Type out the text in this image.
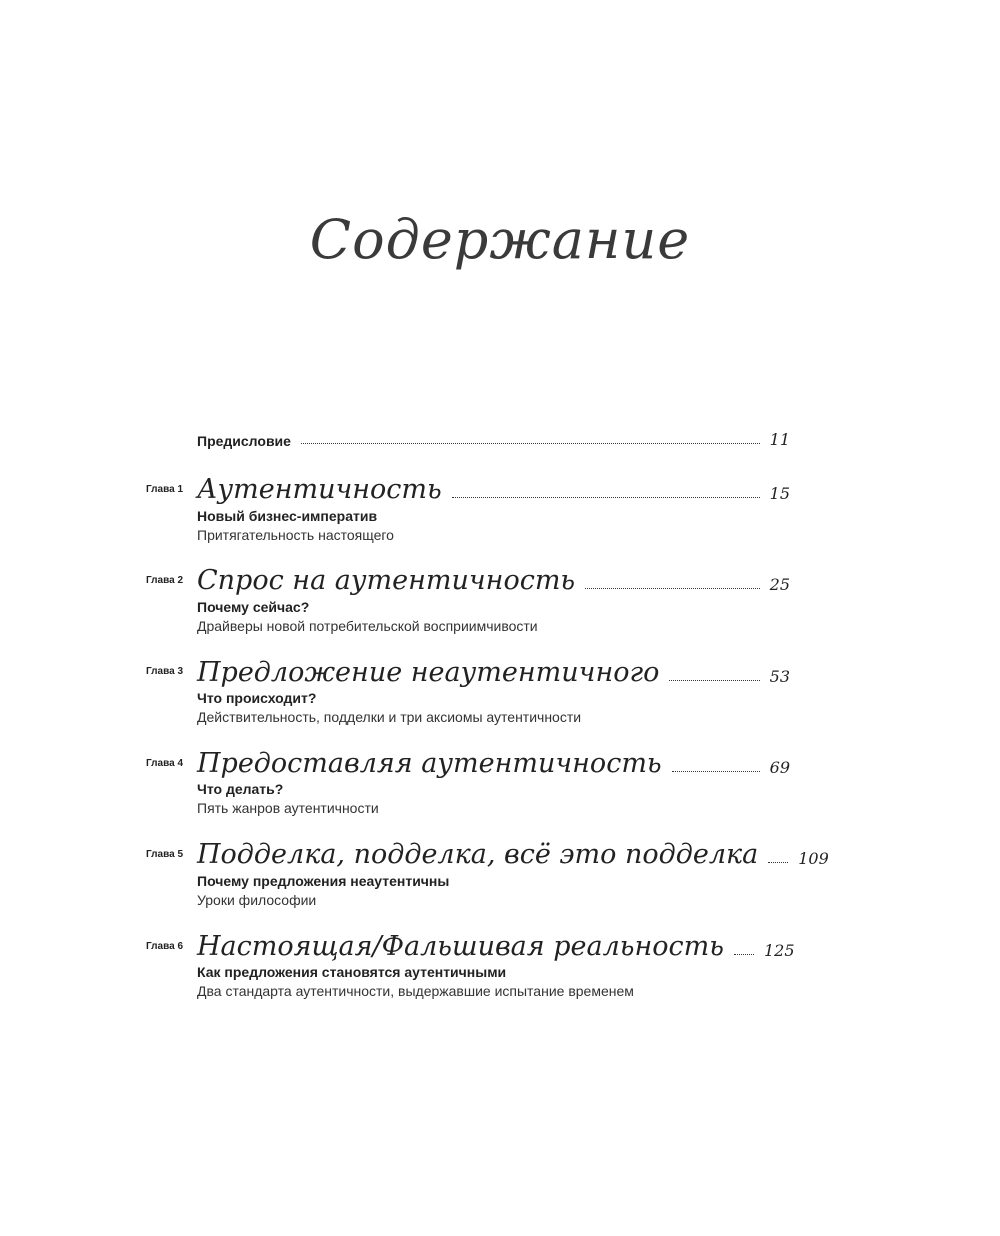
Содержание
Предисловие	11
Глава 1 Аутентичность	15
Новый бизнес-императив
Притягательность настоящего
Глава 2 Спрос на аутентичность	25
Почему сейчас?
Драйверы новой потребительской восприимчивости
Глава 3 Предложение неаутентичного	53
Что происходит?
Действительность, подделки и три аксиомы аутентичности
Глава 4 Предоставляя аутентичность	69
Что делать?
Пять жанров аутентичности
Глава 5 Подделка, подделка, всё это подделка	109
Почему предложения неаутентичны
Уроки философии
Глава 6 Настоящая/Фальшивая реальность	125
Как предложения становятся аутентичными
Два стандарта аутентичности, выдержавшие испытание временем
